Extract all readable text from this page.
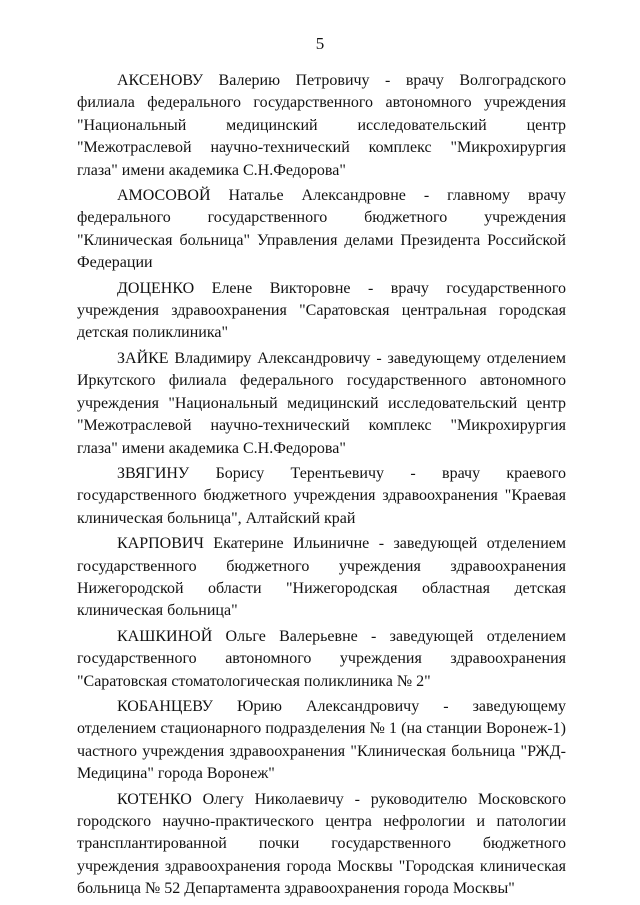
5

АКСЕНОВУ Валерию Петровичу - врачу Волгоградского филиала федерального государственного автономного учреждения "Национальный медицинский исследовательский центр "Межотраслевой научно-технический комплекс "Микрохирургия глаза" имени академика С.Н.Федорова"

АМОСОВОЙ Наталье Александровне - главному врачу федерального государственного бюджетного учреждения "Клиническая больница" Управления делами Президента Российской Федерации

ДОЦЕНКО Елене Викторовне - врачу государственного учреждения здравоохранения "Саратовская центральная городская детская поликлиника"

ЗАЙКЕ Владимиру Александровичу - заведующему отделением Иркутского филиала федерального государственного автономного учреждения "Национальный медицинский исследовательский центр "Межотраслевой научно-технический комплекс "Микрохирургия глаза" имени академика С.Н.Федорова"

ЗВЯГИНУ Борису Терентьевичу - врачу краевого государственного бюджетного учреждения здравоохранения "Краевая клиническая больница", Алтайский край

КАРПОВИЧ Екатерине Ильиничне - заведующей отделением государственного бюджетного учреждения здравоохранения Нижегородской области "Нижегородская областная детская клиническая больница"

КАШКИНОЙ Ольге Валерьевне - заведующей отделением государственного автономного учреждения здравоохранения "Саратовская стоматологическая поликлиника № 2"

КОБАНЦЕВУ Юрию Александровичу - заведующему отделением стационарного подразделения № 1 (на станции Воронеж-1) частного учреждения здравоохранения "Клиническая больница "РЖД-Медицина" города Воронеж"

КОТЕНКО Олегу Николаевичу - руководителю Московского городского научно-практического центра нефрологии и патологии трансплантированной почки государственного бюджетного учреждения здравоохранения города Москвы "Городская клиническая больница № 52 Департамента здравоохранения города Москвы"
